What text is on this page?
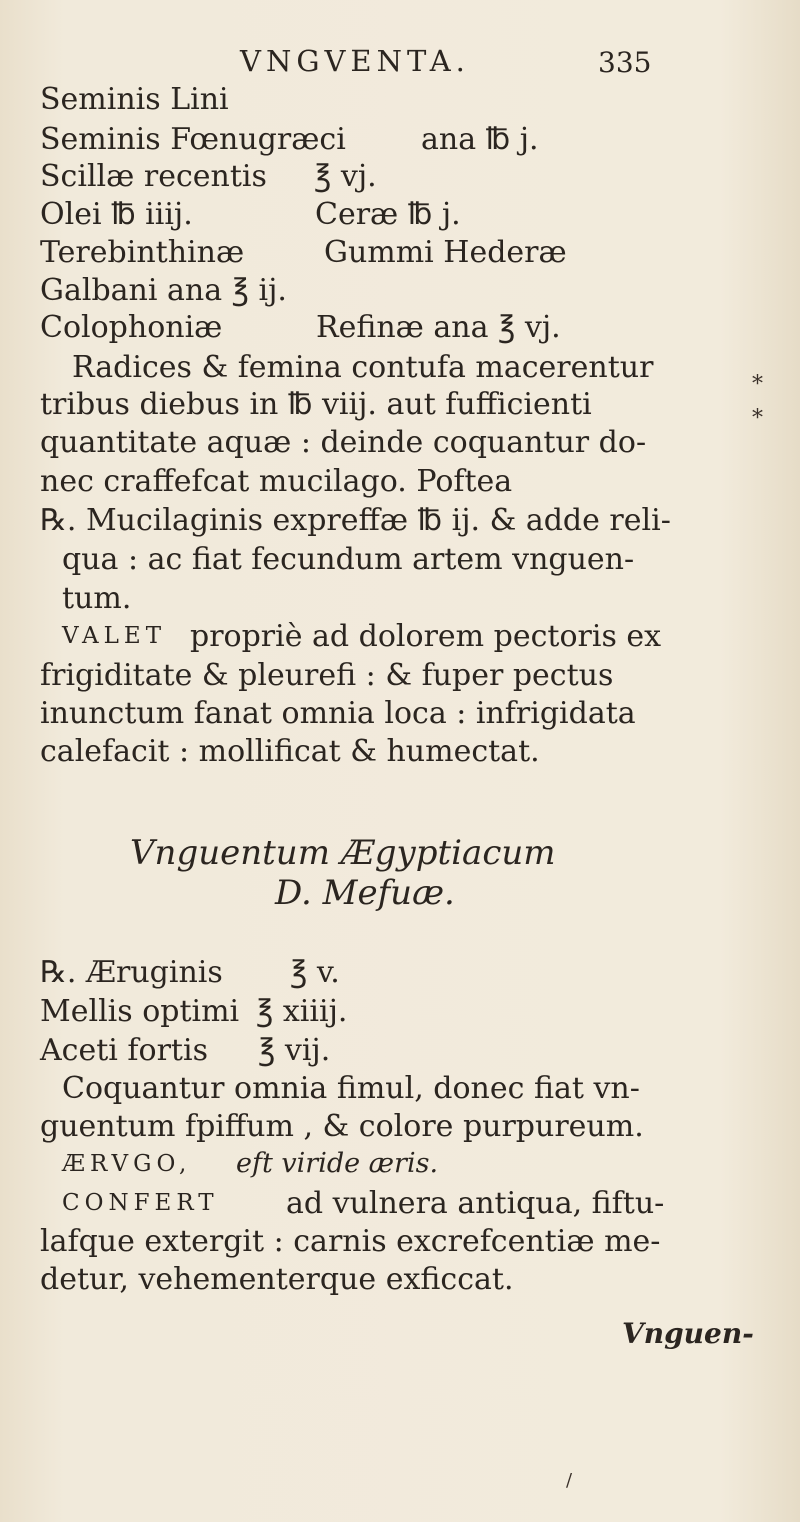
VNGVENTA.	335
Seminis Lini
Seminis Fœnugræci	ana ℔ j.
Scillæ recentis ℥ vj.
Olei ℔ iiij.	Ceræ ℔ j.
Terebinthinæ	Gummi Hederæ
Galbani ana ℥ ij.
Colophoniæ	Refinæ ana ℥ vj.
Radices & femina contufa macerentur
tribus diebus in ℔ viij. aut fufficienti
quantitate aquæ : deinde coquantur do-
nec craffefcat mucilago. Poftea
℞. Mucilaginis expreffæ ℔ ij. & adde reli-
qua : ac fiat fecundum artem vnguen-
tum.
VALET propriè ad dolorem pectoris ex
frigiditate & pleurefi : & fuper pectus
inunctum fanat omnia loca : infrigidata
calefacit : mollificat & humectat.
Vnguentum Ægyptiacum
D. Mefuæ.
℞. Æruginis ℥ v.
Mellis optimi ℥ xiiij.
Aceti fortis ℥ vij.
Coquantur omnia fimul, donec fiat vn-
guentum fpiffum , & colore purpureum.
ÆRVGO, eft viride æris.
CONFERT ad vulnera antiqua, fiftu-
lafque extergit : carnis excrefcentiæ me-
detur, vehementerque exficcat.
Vnguen-
*
*
/
